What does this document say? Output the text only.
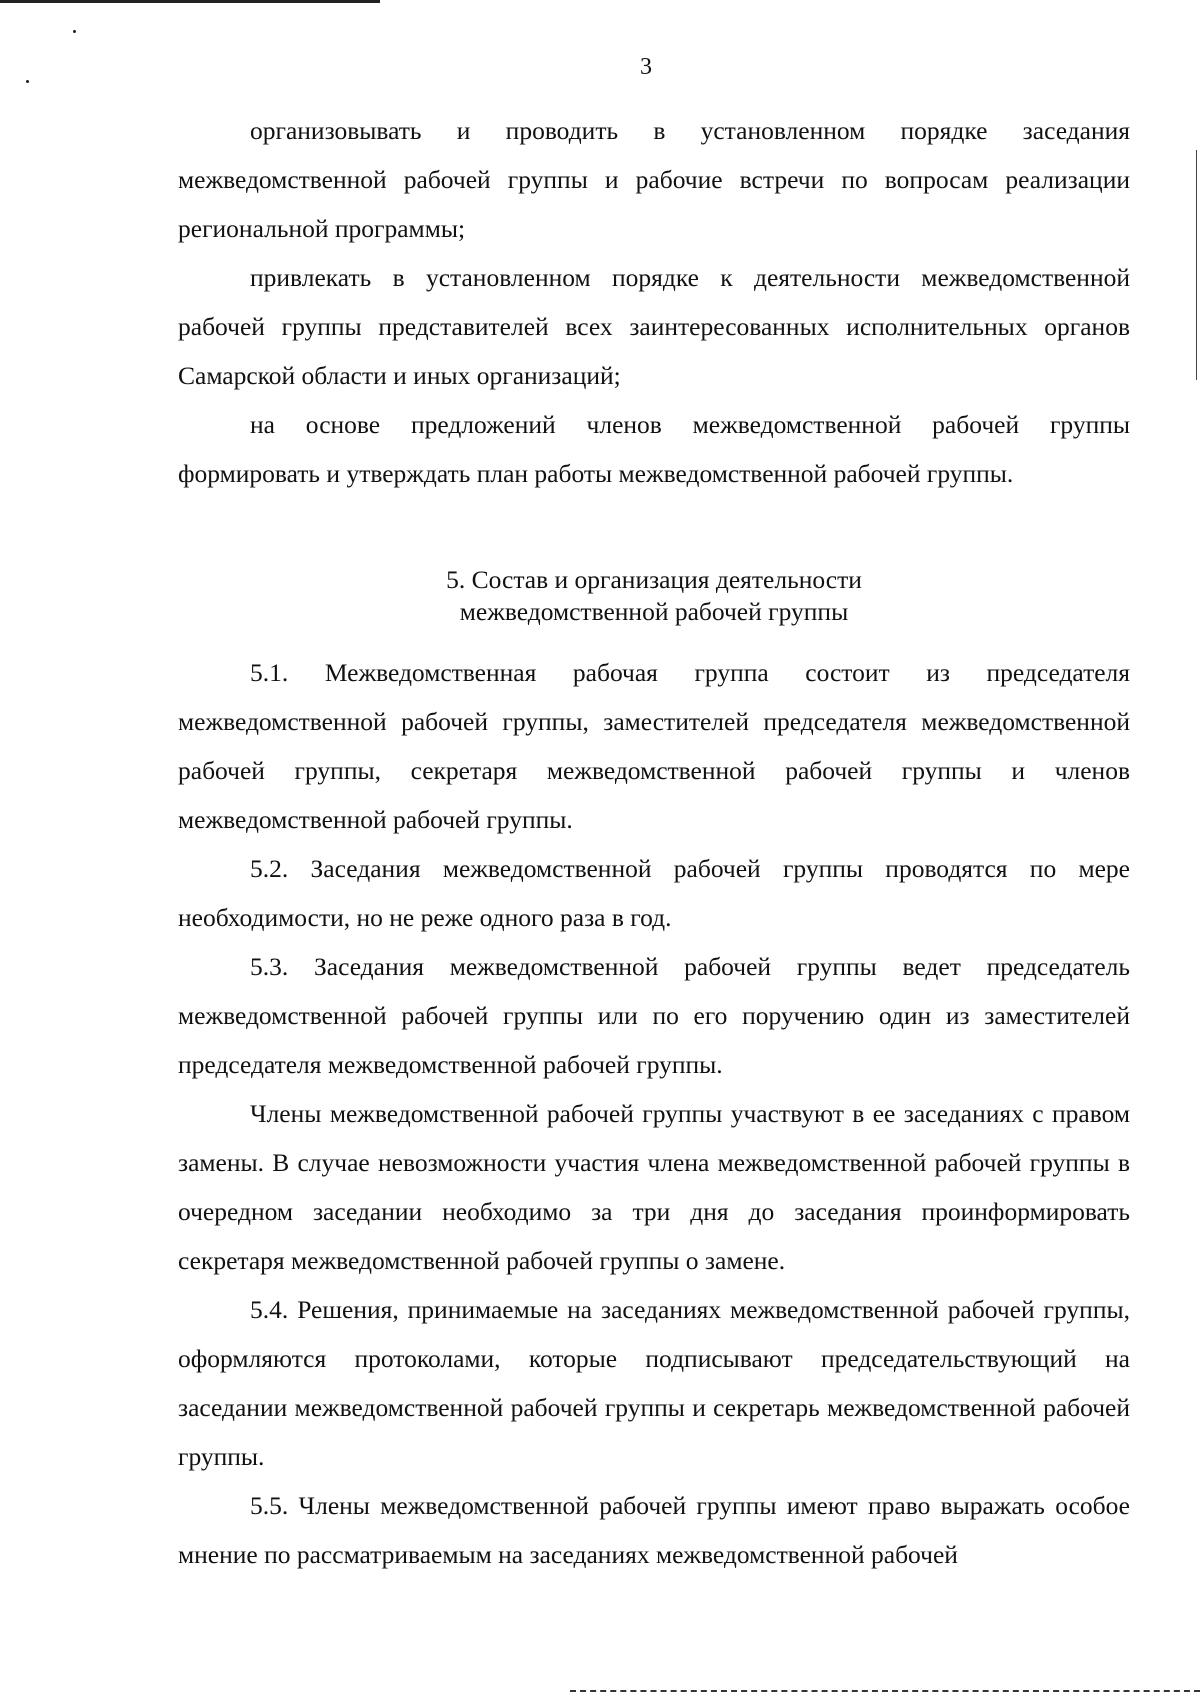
3

организовывать и проводить в установленном порядке заседания межведомственной рабочей группы и рабочие встречи по вопросам реализации региональной программы;

привлекать в установленном порядке к деятельности межведомственной рабочей группы представителей всех заинтересованных исполнительных органов Самарской области и иных организаций;

на основе предложений членов межведомственной рабочей группы формировать и утверждать план работы межведомственной рабочей группы.

5. Состав и организация деятельности
межведомственной рабочей группы

5.1. Межведомственная рабочая группа состоит из председателя межведомственной рабочей группы, заместителей председателя межведомственной рабочей группы, секретаря межведомственной рабочей группы и членов межведомственной рабочей группы.

5.2. Заседания межведомственной рабочей группы проводятся по мере необходимости, но не реже одного раза в год.

5.3. Заседания межведомственной рабочей группы ведет председатель межведомственной рабочей группы или по его поручению один из заместителей председателя межведомственной рабочей группы.

Члены межведомственной рабочей группы участвуют в ее заседаниях с правом замены. В случае невозможности участия члена межведомственной рабочей группы в очередном заседании необходимо за три дня до заседания проинформировать секретаря межведомственной рабочей группы о замене.

5.4. Решения, принимаемые на заседаниях межведомственной рабочей группы, оформляются протоколами, которые подписывают председательствующий на заседании межведомственной рабочей группы и секретарь межведомственной рабочей группы.

5.5. Члены межведомственной рабочей группы имеют право выражать особое мнение по рассматриваемым на заседаниях межведомственной рабочей
